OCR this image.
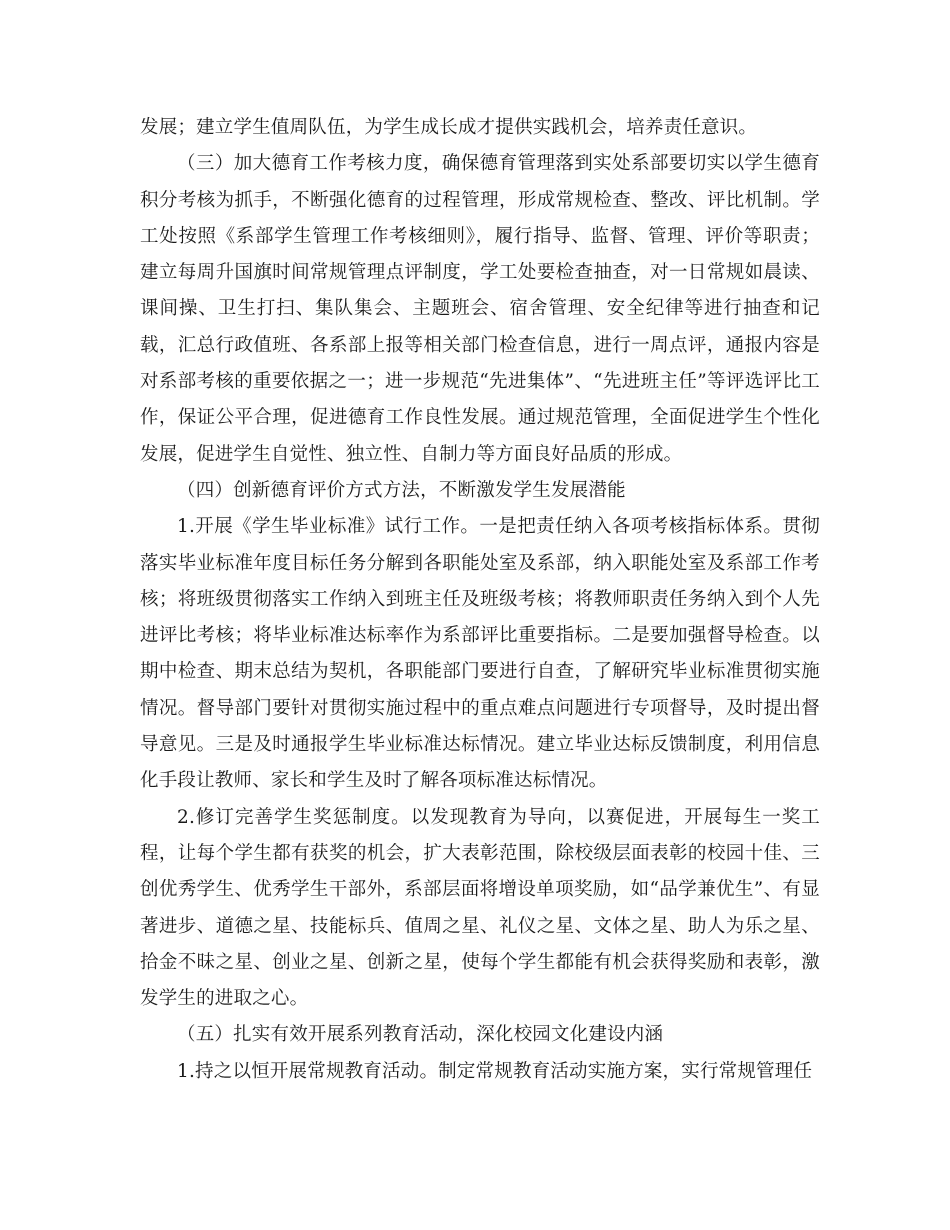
发展；建立学生值周队伍，为学生成长成才提供实践机会，培养责任意识。

（三）加大德育工作考核力度，确保德育管理落到实处系部要切实以学生德育积分考核为抓手，不断强化德育的过程管理，形成常规检查、整改、评比机制。学工处按照《系部学生管理工作考核细则》，履行指导、监督、管理、评价等职责；建立每周升国旗时间常规管理点评制度，学工处要检查抽查，对一日常规如晨读、课间操、卫生打扫、集队集会、主题班会、宿舍管理、安全纪律等进行抽查和记载，汇总行政值班、各系部上报等相关部门检查信息，进行一周点评，通报内容是对系部考核的重要依据之一；进一步规范“先进集体”、“先进班主任”等评选评比工作，保证公平合理，促进德育工作良性发展。通过规范管理，全面促进学生个性化发展，促进学生自觉性、独立性、自制力等方面良好品质的形成。

（四）创新德育评价方式方法，不断激发学生发展潜能

1.开展《学生毕业标准》试行工作。一是把责任纳入各项考核指标体系。贯彻落实毕业标准年度目标任务分解到各职能处室及系部，纳入职能处室及系部工作考核；将班级贯彻落实工作纳入到班主任及班级考核；将教师职责任务纳入到个人先进评比考核；将毕业标准达标率作为系部评比重要指标。二是要加强督导检查。以期中检查、期末总结为契机，各职能部门要进行自查，了解研究毕业标准贯彻实施情况。督导部门要针对贯彻实施过程中的重点难点问题进行专项督导，及时提出督导意见。三是及时通报学生毕业标准达标情况。建立毕业达标反馈制度，利用信息化手段让教师、家长和学生及时了解各项标准达标情况。

2.修订完善学生奖惩制度。以发现教育为导向，以赛促进，开展每生一奖工程，让每个学生都有获奖的机会，扩大表彰范围，除校级层面表彰的校园十佳、三创优秀学生、优秀学生干部外，系部层面将增设单项奖励，如“品学兼优生”、有显著进步、道德之星、技能标兵、值周之星、礼仪之星、文体之星、助人为乐之星、拾金不昧之星、创业之星、创新之星，使每个学生都能有机会获得奖励和表彰，激发学生的进取之心。

（五）扎实有效开展系列教育活动，深化校园文化建设内涵

1.持之以恒开展常规教育活动。制定常规教育活动实施方案，实行常规管理任
